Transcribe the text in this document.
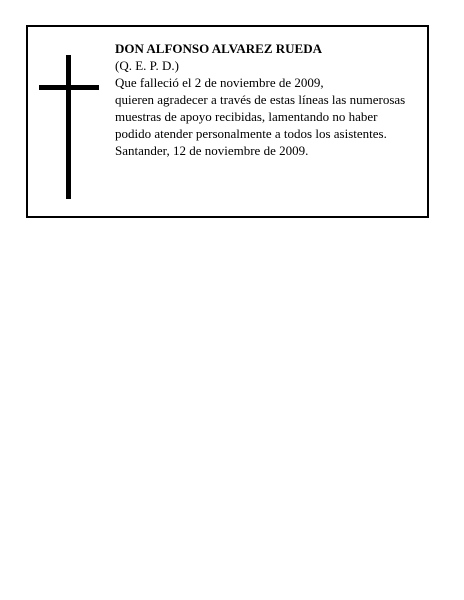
DON ALFONSO ALVAREZ RUEDA
(Q. E. P. D.)
Que falleció el 2 de noviembre de 2009,
quieren agradecer a través de estas líneas las numerosas
muestras de apoyo recibidas, lamentando no haber
podido atender personalmente a todos los asistentes.
Santander, 12 de noviembre de 2009.
